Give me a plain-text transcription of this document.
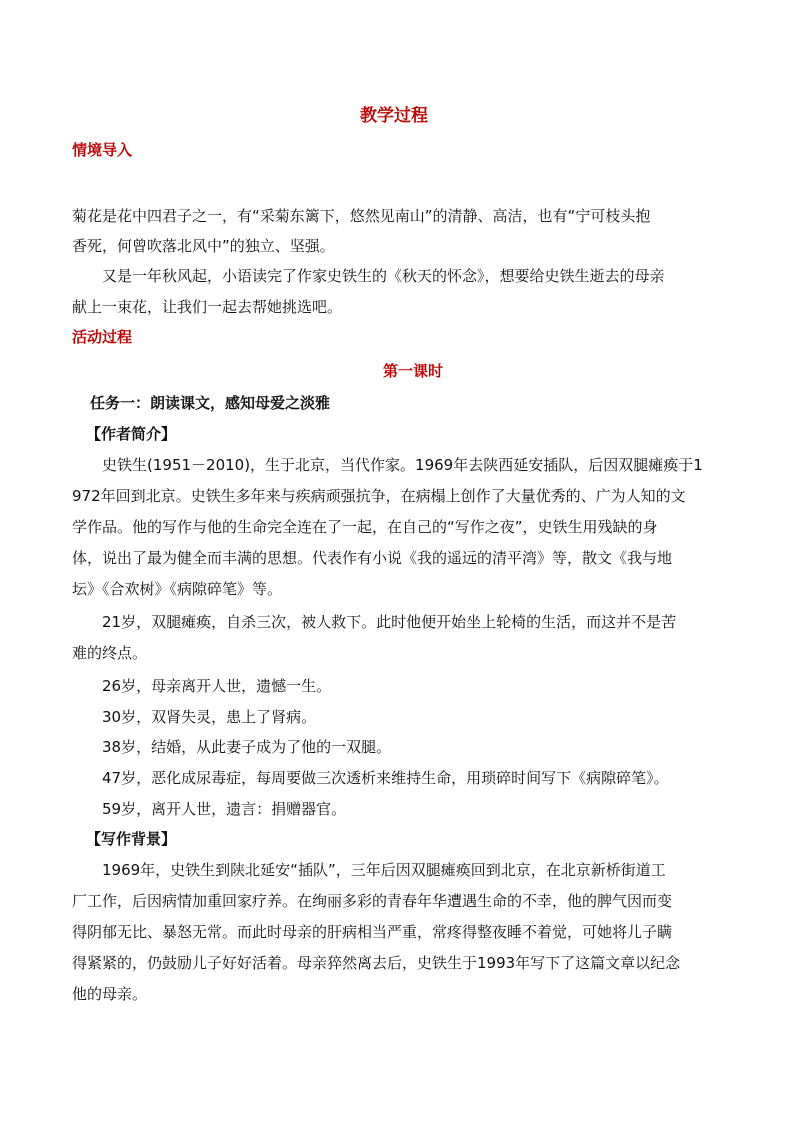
教学过程
情境导入
菊花是花中四君子之一，有“采菊东篱下，悠然见南山”的清静、高洁，也有“宁可枝头抱
香死，何曾吹落北风中”的独立、坚强。
又是一年秋风起，小语读完了作家史铁生的《秋天的怀念》，想要给史铁生逝去的母亲
献上一束花，让我们一起去帮她挑选吧。
活动过程
第一课时
任务一：朗读课文，感知母爱之淡雅
【作者简介】
史铁生(1951－2010)，生于北京，当代作家。1969年去陕西延安插队，后因双腿瘫痪于1
972年回到北京。史铁生多年来与疾病顽强抗争，在病榻上创作了大量优秀的、广为人知的文
学作品。他的写作与他的生命完全连在了一起，在自己的“写作之夜”，史铁生用残缺的身
体，说出了最为健全而丰满的思想。代表作有小说《我的遥远的清平湾》等，散文《我与地
坛》《合欢树》《病隙碎笔》等。
21岁，双腿瘫痪，自杀三次，被人救下。此时他便开始坐上轮椅的生活，而这并不是苦
难的终点。
26岁，母亲离开人世，遗憾一生。
30岁，双肾失灵，患上了肾病。
38岁，结婚，从此妻子成为了他的一双腿。
47岁，恶化成尿毒症，每周要做三次透析来维持生命，用琐碎时间写下《病隙碎笔》。
59岁，离开人世，遗言：捐赠器官。
【写作背景】
1969年，史铁生到陕北延安“插队”，三年后因双腿瘫痪回到北京，在北京新桥街道工
厂工作，后因病情加重回家疗养。在绚丽多彩的青春年华遭遇生命的不幸，他的脾气因而变
得阴郁无比、暴怒无常。而此时母亲的肝病相当严重，常疼得整夜睡不着觉，可她将儿子瞒
得紧紧的，仍鼓励儿子好好活着。母亲猝然离去后，史铁生于1993年写下了这篇文章以纪念
他的母亲。
